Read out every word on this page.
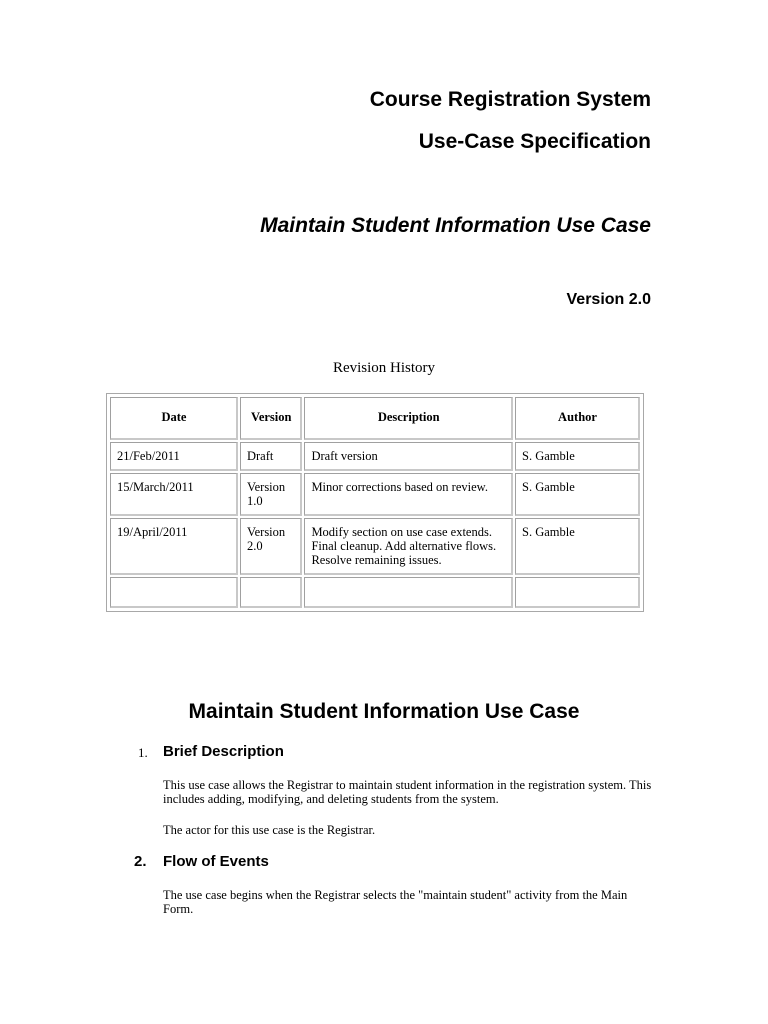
Course Registration System
Use-Case Specification
Maintain Student Information Use Case
Version 2.0
Revision History
Date	Version	Description	Author
21/Feb/2011	Draft	Draft version	S. Gamble
15/March/2011	Version 1.0	Minor corrections based on review.	S. Gamble
19/April/2011	Version 2.0	Modify section on use case extends. Final cleanup. Add alternative flows. Resolve remaining issues.	S. Gamble

Maintain Student Information Use Case
1. Brief Description

This use case allows the Registrar to maintain student information in the registration system. This includes adding, modifying, and deleting students from the system.

The actor for this use case is the Registrar.

2. Flow of Events

The use case begins when the Registrar selects the "maintain student" activity from the Main Form.
